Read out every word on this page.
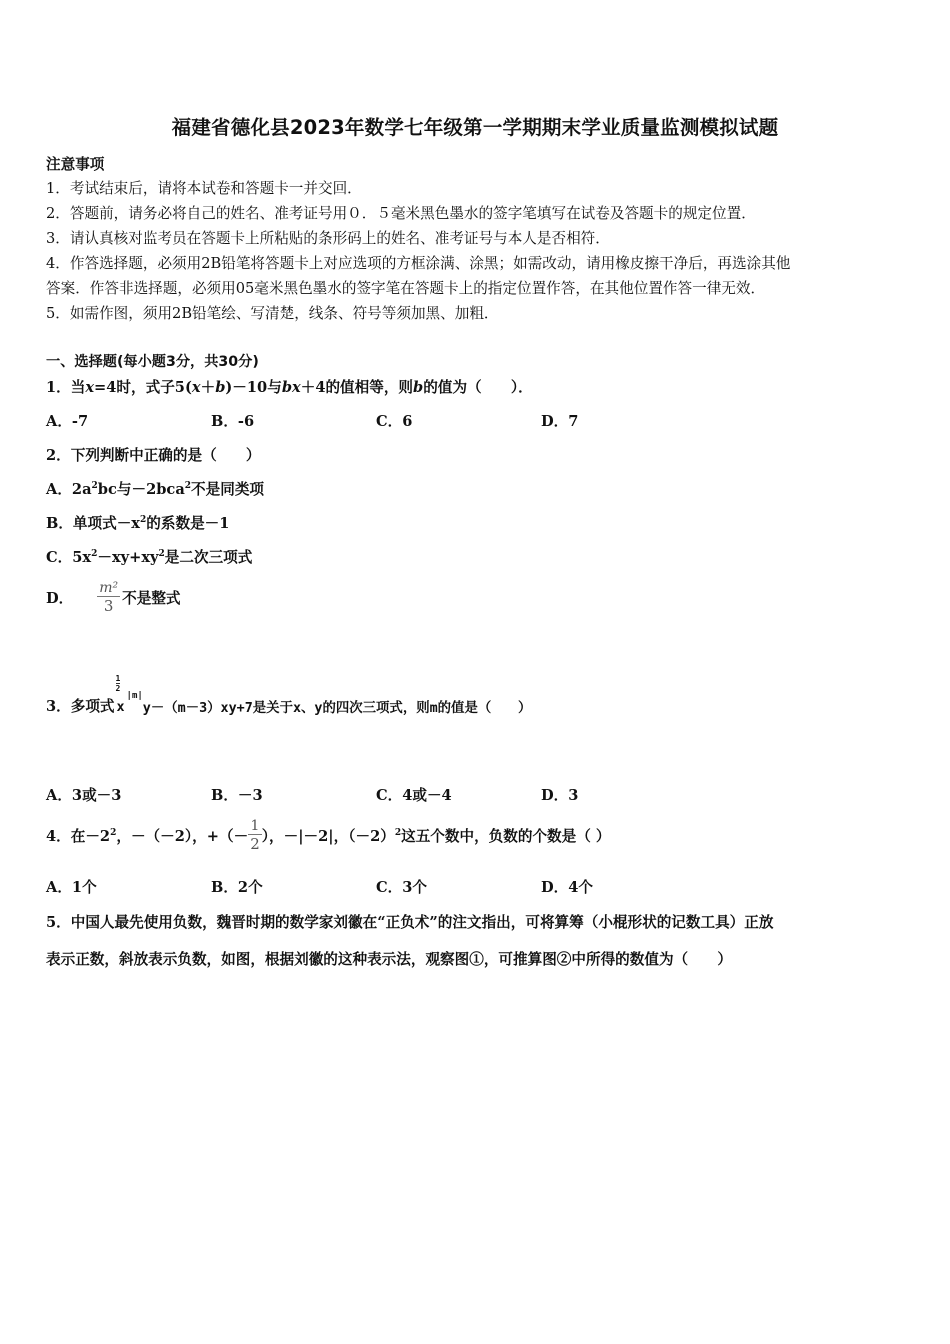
福建省德化县2023年数学七年级第一学期期末学业质量监测模拟试题
注意事项
1．考试结束后，请将本试卷和答题卡一并交回．
2．答题前，请务必将自己的姓名、准考证号用０．５毫米黑色墨水的签字笔填写在试卷及答题卡的规定位置．
3．请认真核对监考员在答题卡上所粘贴的条形码上的姓名、准考证号与本人是否相符．
4．作答选择题，必须用2B铅笔将答题卡上对应选项的方框涂满、涂黑；如需改动，请用橡皮擦干净后，再选涂其他
答案．作答非选择题，必须用05毫米黑色墨水的签字笔在答题卡上的指定位置作答，在其他位置作答一律无效．
5．如需作图，须用2B铅笔绘、写清楚，线条、符号等须加黑、加粗．
一、选择题(每小题3分，共30分)
1．当x=4时，式子5(x＋b)－10与bx＋4的值相等，则b的值为（　　）．
A．-7	B．-6	C．6	D．7
2．下列判断中正确的是（　　）
A．$2a^2bc$与－2bca$^2$不是同类项
B．单项式$-x^2$的系数是－1
C．$5x^2-xy+xy^2$是二次三项式
D． $\frac{\text{m²}}{3}$ 不是整式
3．多项式
$\frac{1}{2}$
x
$^{|m|}$y－（m－3）xy+7是关于x、y的四次三项式，则m的值是（　　）
A．3或－3	B．－3	C．4或－4	D．3
4．在$-2^2$，－（－2），+（－ $\frac{1}{2}$ ），－|－2|，$(-2)^2$这五个数中，负数的个数是（ ）
A．1个	B．2个	C．3个	D．4个
5．中国人最先使用负数，魏晋时期的数学家刘徽在“正负术”的注文指出，可将算筹（小棍形状的记数工具）正放
表示正数，斜放表示负数，如图，根据刘徽的这种表示法，观察图①，可推算图②中所得的数值为（　　）
